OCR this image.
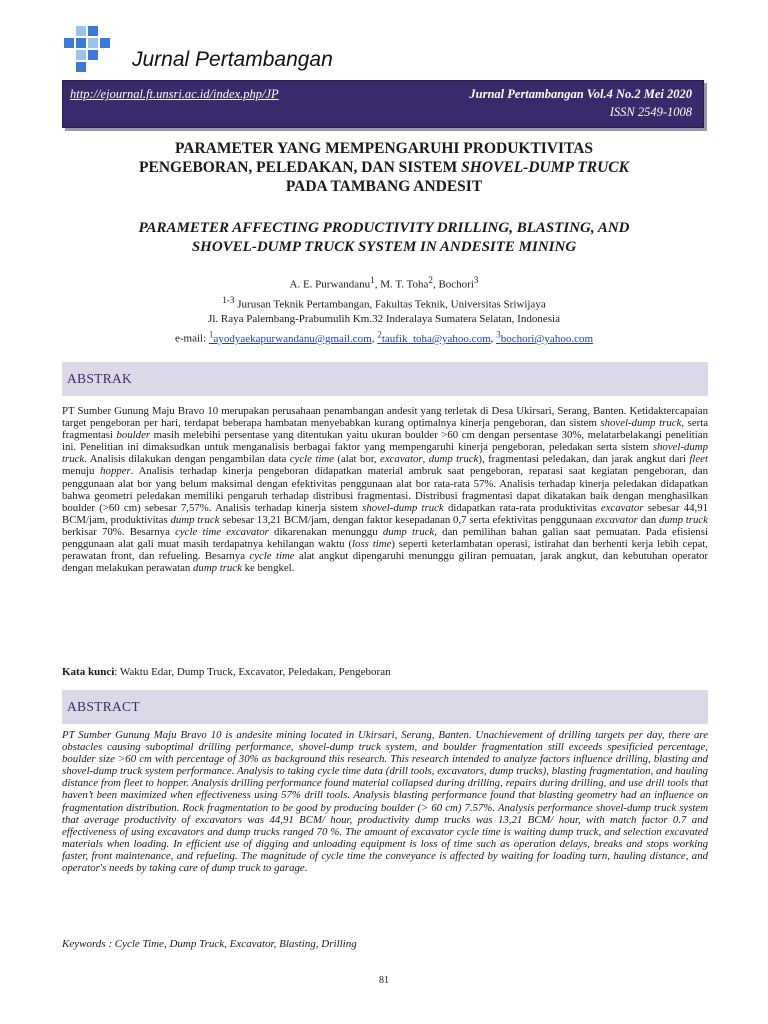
Jurnal Pertambangan
http://ejournal.ft.unsri.ac.id/index.php/JP	Jurnal Pertambangan Vol.4 No.2 Mei 2020
ISSN 2549-1008
PARAMETER YANG MEMPENGARUHI PRODUKTIVITAS
PENGEBORAN, PELEDAKAN, DAN SISTEM SHOVEL-DUMP TRUCK
PADA TAMBANG ANDESIT
PARAMETER AFFECTING PRODUCTIVITY DRILLING, BLASTING, AND
SHOVEL-DUMP TRUCK SYSTEM IN ANDESITE MINING
A. E. Purwandanu$^1$, M. T. Toha$^2$, Bochori$^3$
$^{1-3}$ Jurusan Teknik Pertambangan, Fakultas Teknik, Universitas Sriwijaya
Jl. Raya Palembang-Prabumulih Km.32 Inderalaya Sumatera Selatan, Indonesia
e-mail: $^1$ayodyaekapurwandanu@gmail.com, $^2$taufik_toha@yahoo.com, $^3$bochori@yahoo.com
ABSTRAK
PT Sumber Gunung Maju Bravo 10 merupakan perusahaan penambangan andesit yang terletak di Desa Ukirsari, Serang, Banten. Ketidaktercapaian target pengeboran per hari, terdapat beberapa hambatan menyebabkan kurang optimalnya kinerja pengeboran, dan sistem shovel-dump truck, serta fragmentasi boulder masih melebihi persentase yang ditentukan yaitu ukuran boulder >60 cm dengan persentase 30%, melatarbelakangi penelitian ini. Penelitian ini dimaksudkan untuk menganalisis berbagai faktor yang mempengaruhi kinerja pengeboran, peledakan serta sistem shovel-dump truck. Analisis dilakukan dengan pengambilan data cycle time (alat bor, excavator, dump truck), fragmentasi peledakan, dan jarak angkut dari fleet menuju hopper. Analisis terhadap kinerja pengeboran didapatkan material ambruk saat pengeboran, reparasi saat kegiatan pengeboran, dan penggunaan alat bor yang belum maksimal dengan efektivitas penggunaan alat bor rata-rata 57%. Analisis terhadap kinerja peledakan didapatkan bahwa geometri peledakan memiliki pengaruh terhadap distribusi fragmentasi. Distribusi fragmentasi dapat dikatakan baik dengan menghasilkan boulder (>60 cm) sebesar 7,57%. Analisis terhadap kinerja sistem shovel-dump truck didapatkan rata-rata produktivitas excavator sebesar 44,91 BCM/jam, produktivitas dump truck sebesar 13,21 BCM/jam, dengan faktor kesepadanan 0,7 serta efektivitas penggunaan excavator dan dump truck berkisar 70%. Besarnya cycle time excavator dikarenakan menunggu dump truck, dan pemilihan bahan galian saat pemuatan. Pada efisiensi penggunaan alat gali muat masih terdapatnya kehilangan waktu (loss time) seperti keterlambatan operasi, istirahat dan berhenti kerja lebih cepat, perawatan front, dan refueling. Besarnya cycle time alat angkut dipengaruhi menunggu giliran pemuatan, jarak angkut, dan kebutuhan operator dengan melakukan perawatan dump truck ke bengkel.
Kata kunci: Waktu Edar, Dump Truck, Excavator, Peledakan, Pengeboran
ABSTRACT
PT Sumber Gunung Maju Bravo 10 is andesite mining located in Ukirsari, Serang, Banten. Unachievement of drilling targets per day, there are obstacles causing suboptimal drilling performance, shovel-dump truck system, and boulder fragmentation still exceeds spesificied percentage, boulder size >60 cm with percentage of 30% as background this research. This research intended to analyze factors influence drilling, blasting and shovel-dump truck system performance. Analysis to taking cycle time data (drill tools, excavators, dump trucks), blasting fragmentation, and hauling distance from fleet to hopper. Analysis drilling performance found material collapsed during drilling, repairs during drilling, and use drill tools that haven’t been maximized when effectiveness using 57% drill tools. Analysis blasting performance found that blasting geometry had an influence on fragmentation distribution. Rock fragmentation to be good by producing boulder (> 60 cm) 7.57%. Analysis performance shovel-dump truck system that average productivity of excavators was 44,91 BCM/ hour, productivity dump trucks was 13,21 BCM/ hour, with match factor 0.7 and effectiveness of using excavators and dump trucks ranged 70 %. The amount of excavator cycle time is waiting dump truck, and selection excavated materials when loading. In efficient use of digging and unloading equipment is loss of time such as operation delays, breaks and stops working faster, front maintenance, and refueling. The magnitude of cycle time the conveyance is affected by waiting for loading turn, hauling distance, and operator's needs by taking care of dump truck to garage.
Keywords : Cycle Time, Dump Truck, Excavator, Blasting, Drilling
81
